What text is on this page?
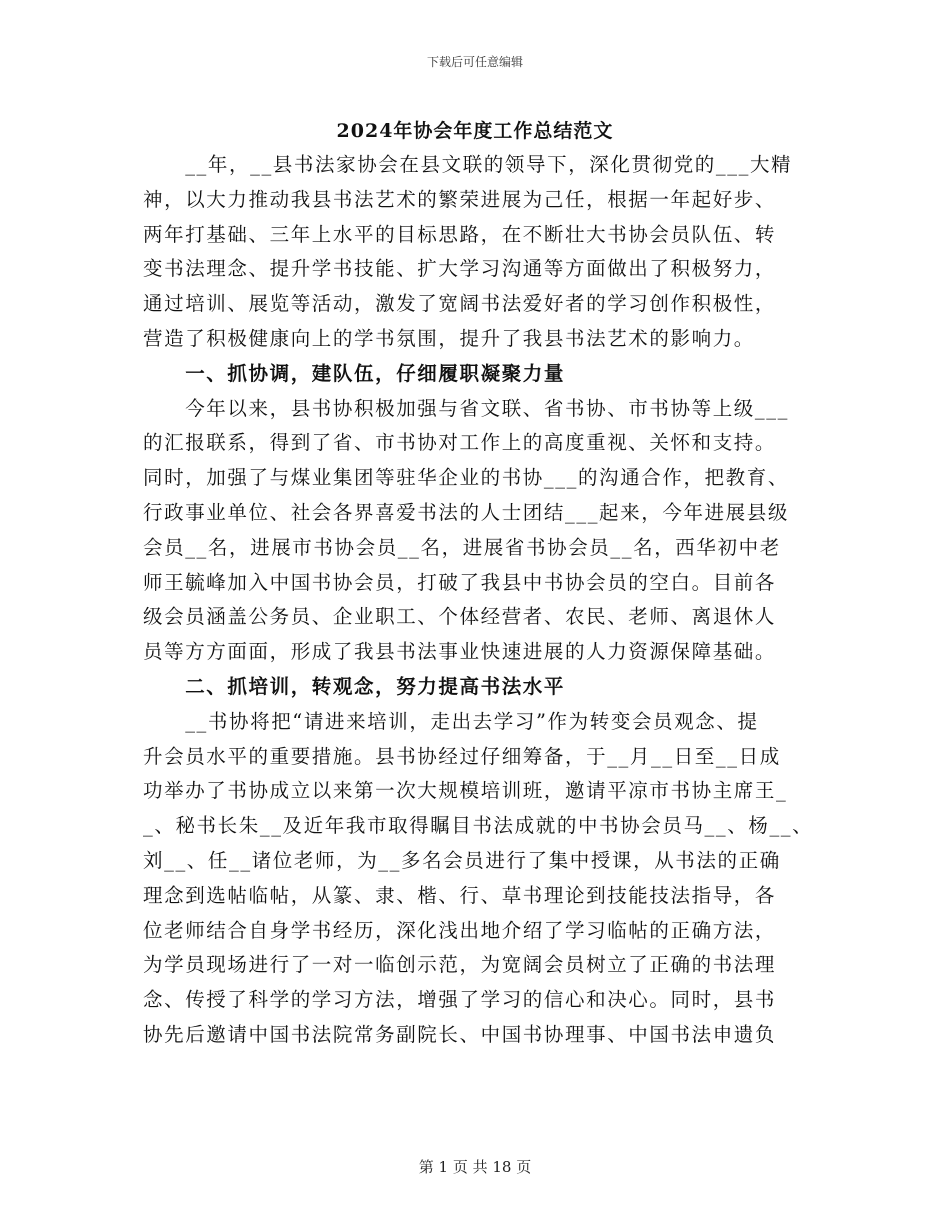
下载后可任意编辑
2024年协会年度工作总结范文
　　__年，__县书法家协会在县文联的领导下，深化贯彻党的___大精
神，以大力推动我县书法艺术的繁荣进展为己任，根据一年起好步、
两年打基础、三年上水平的目标思路，在不断壮大书协会员队伍、转
变书法理念、提升学书技能、扩大学习沟通等方面做出了积极努力，
通过培训、展览等活动，激发了宽阔书法爱好者的学习创作积极性，
营造了积极健康向上的学书氛围，提升了我县书法艺术的影响力。
　　一、抓协调，建队伍，仔细履职凝聚力量
　　今年以来，县书协积极加强与省文联、省书协、市书协等上级___
的汇报联系，得到了省、市书协对工作上的高度重视、关怀和支持。
同时，加强了与煤业集团等驻华企业的书协___的沟通合作，把教育、
行政事业单位、社会各界喜爱书法的人士团结___起来，今年进展县级
会员__名，进展市书协会员__名，进展省书协会员__名，西华初中老
师王毓峰加入中国书协会员，打破了我县中书协会员的空白。目前各
级会员涵盖公务员、企业职工、个体经营者、农民、老师、离退休人
员等方方面面，形成了我县书法事业快速进展的人力资源保障基础。
　　二、抓培训，转观念，努力提高书法水平
　　__书协将把“请进来培训，走出去学习”作为转变会员观念、提
升会员水平的重要措施。县书协经过仔细筹备，于__月__日至__日成
功举办了书协成立以来第一次大规模培训班，邀请平凉市书协主席王_
_、秘书长朱__及近年我市取得瞩目书法成就的中书协会员马__、杨__、
刘__、任__诸位老师，为__多名会员进行了集中授课，从书法的正确
理念到选帖临帖，从篆、隶、楷、行、草书理论到技能技法指导，各
位老师结合自身学书经历，深化浅出地介绍了学习临帖的正确方法，
为学员现场进行了一对一临创示范，为宽阔会员树立了正确的书法理
念、传授了科学的学习方法，增强了学习的信心和决心。同时，县书
协先后邀请中国书法院常务副院长、中国书协理事、中国书法申遗负
第 1 页 共 18 页
